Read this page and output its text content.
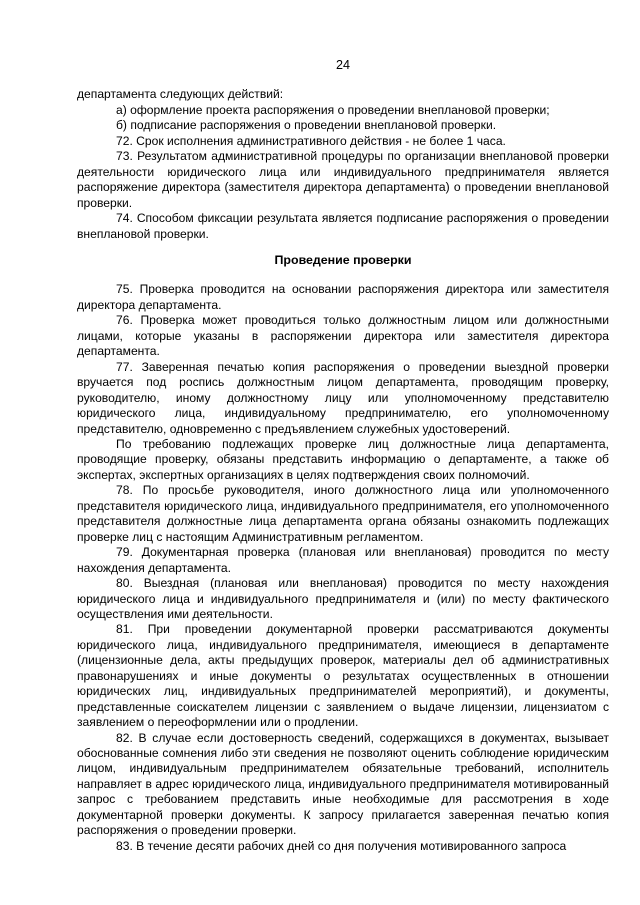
24

департамента следующих действий:

а) оформление проекта распоряжения о проведении внеплановой проверки;

б) подписание распоряжения о проведении внеплановой проверки.

72. Срок исполнения административного действия - не более 1 часа.

73. Результатом административной процедуры по организации внеплановой проверки деятельности юридического лица или индивидуального предпринимателя является распоряжение директора (заместителя директора департамента) о проведении внеплановой проверки.

74. Способом фиксации результата является подписание распоряжения о проведении внеплановой проверки.

Проведение проверки

75. Проверка проводится на основании распоряжения директора или заместителя директора департамента.

76. Проверка может проводиться только должностным лицом или должностными лицами, которые указаны в распоряжении директора или заместителя директора департамента.

77. Заверенная печатью копия распоряжения о проведении выездной проверки вручается под роспись должностным лицом департамента, проводящим проверку, руководителю, иному должностному лицу или уполномоченному представителю юридического лица, индивидуальному предпринимателю, его уполномоченному представителю, одновременно с предъявлением служебных удостоверений.

По требованию подлежащих проверке лиц должностные лица департамента, проводящие проверку, обязаны представить информацию о департаменте, а также об экспертах, экспертных организациях в целях подтверждения своих полномочий.

78. По просьбе руководителя, иного должностного лица или уполномоченного представителя юридического лица, индивидуального предпринимателя, его уполномоченного представителя должностные лица департамента органа обязаны ознакомить подлежащих проверке лиц с настоящим Административным регламентом.

79. Документарная проверка (плановая или внеплановая) проводится по месту нахождения департамента.

80. Выездная (плановая или внеплановая) проводится по месту нахождения юридического лица и индивидуального предпринимателя и (или) по месту фактического осуществления ими деятельности.

81. При проведении документарной проверки рассматриваются документы юридического лица, индивидуального предпринимателя, имеющиеся в департаменте (лицензионные дела, акты предыдущих проверок, материалы дел об административных правонарушениях и иные документы о результатах осуществленных в отношении юридических лиц, индивидуальных предпринимателей мероприятий), и документы, представленные соискателем лицензии с заявлением о выдаче лицензии, лицензиатом с заявлением о переоформлении или о продлении.

82. В случае если достоверность сведений, содержащихся в документах, вызывает обоснованные сомнения либо эти сведения не позволяют оценить соблюдение юридическим лицом, индивидуальным предпринимателем обязательные требований, исполнитель направляет в адрес юридического лица, индивидуального предпринимателя мотивированный запрос с требованием представить иные необходимые для рассмотрения в ходе документарной проверки документы. К запросу прилагается заверенная печатью копия распоряжения о проведении проверки.

83. В течение десяти рабочих дней со дня получения мотивированного запроса
